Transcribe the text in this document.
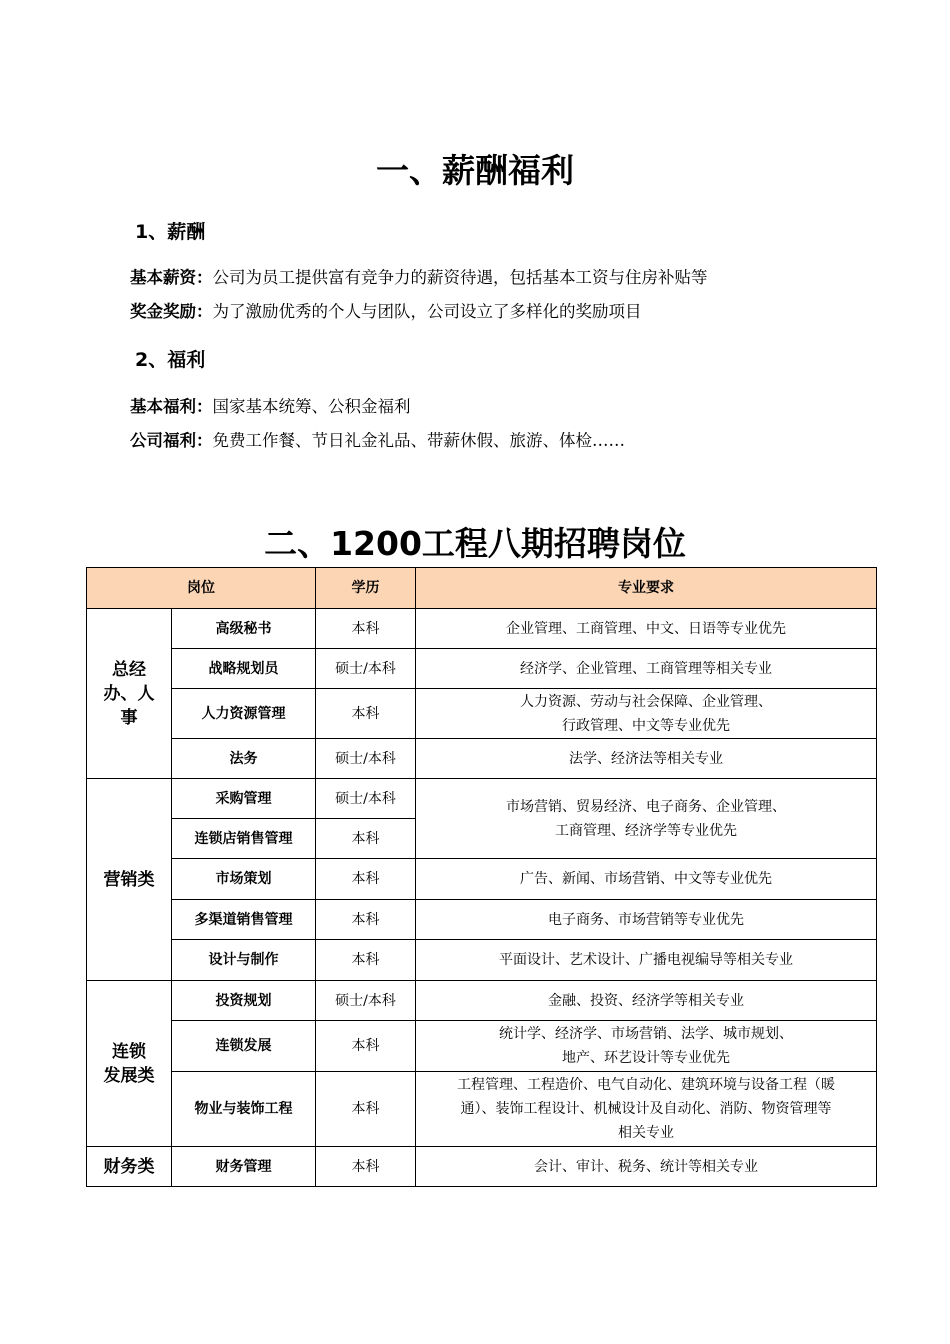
一、薪酬福利
1、薪酬
基本薪资：公司为员工提供富有竞争力的薪资待遇，包括基本工资与住房补贴等
奖金奖励：为了激励优秀的个人与团队，公司设立了多样化的奖励项目
2、福利
基本福利：国家基本统筹、公积金福利
公司福利：免费工作餐、节日礼金礼品、带薪休假、旅游、体检……
二、1200工程八期招聘岗位
岗位		学历	专业要求

总经
办、人
事	高级秘书	本科	企业管理、工商管理、中文、日语等专业优先
	战略规划员	硕士/本科	经济学、企业管理、工商管理等相关专业
	人力资源管理	本科	人力资源、劳动与社会保障、企业管理、
行政管理、中文等专业优先

	法务	硕士/本科	法学、经济法等相关专业
营销类	采购管理	硕士/本科	市场营销、贸易经济、电子商务、企业管理、
工商管理、经济学等专业优先

	连锁店销售管理	本科	
	市场策划	本科	广告、新闻、市场营销、中文等专业优先
	多渠道销售管理	本科	电子商务、市场营销等专业优先
	设计与制作	本科	平面设计、艺术设计、广播电视编导等相关专业

连锁
发展类	投资规划	硕士/本科	金融、投资、经济学等相关专业
	连锁发展	本科	统计学、经济学、市场营销、法学、城市规划、
地产、环艺设计等专业优先

	物业与装饰工程	本科	工程管理、工程造价、电气自动化、建筑环境与设备工程（暖
通）、装饰工程设计、机械设计及自动化、消防、物资管理等
相关专业

财务类	财务管理	本科	会计、审计、税务、统计等相关专业
